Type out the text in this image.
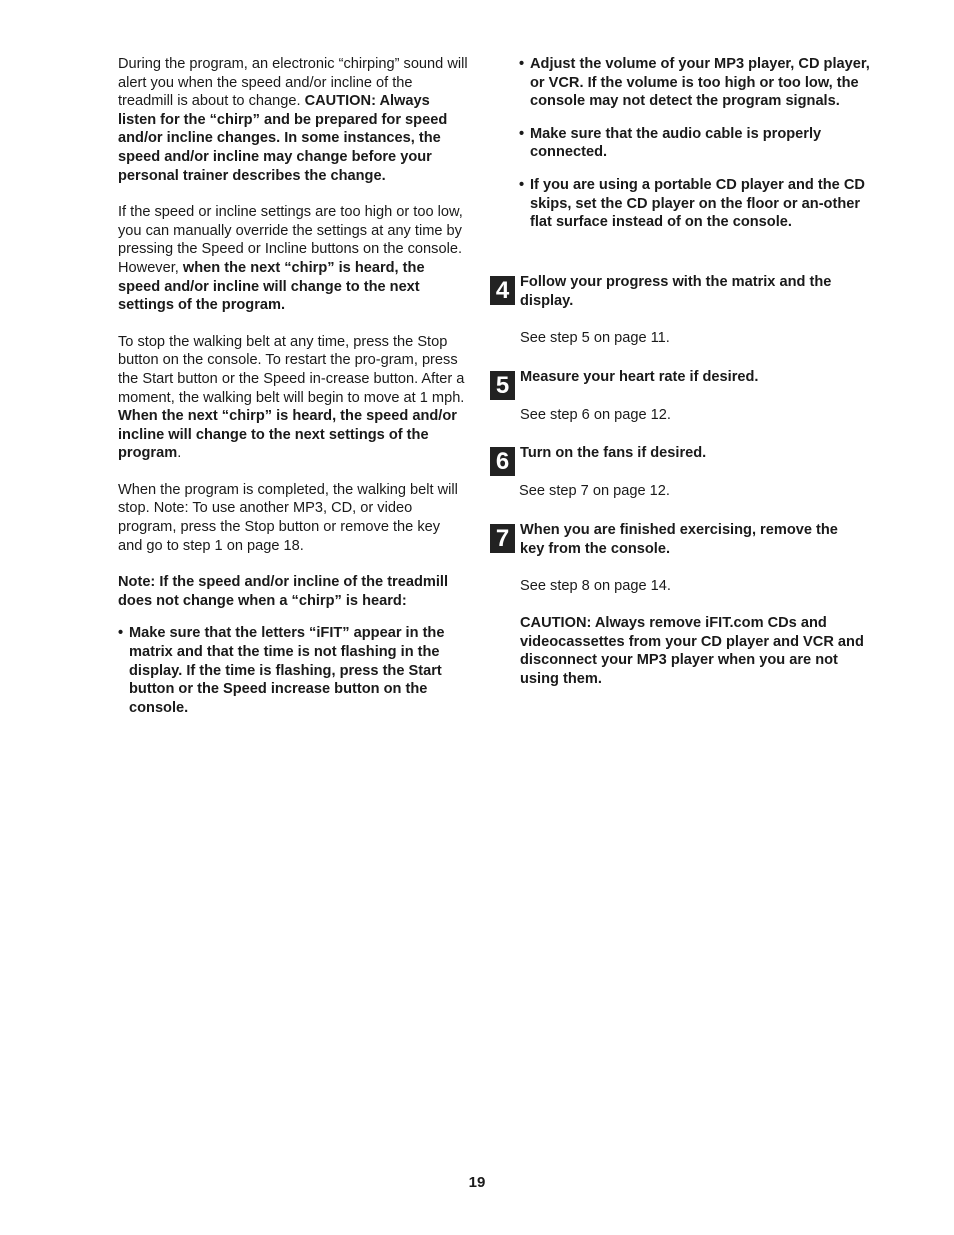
During the program, an electronic “chirping” sound will alert you when the speed and/or incline of the treadmill is about to change. CAUTION: Always listen for the “chirp” and be prepared for speed and/or incline changes. In some instances, the speed and/or incline may change before your personal trainer describes the change.

If the speed or incline settings are too high or too low, you can manually override the settings at any time by pressing the Speed or Incline buttons on the console. However, when the next “chirp” is heard, the speed and/or incline will change to the next settings of the program.

To stop the walking belt at any time, press the Stop button on the console. To restart the pro-gram, press the Start button or the Speed in-crease button. After a moment, the walking belt will begin to move at 1 mph. When the next “chirp” is heard, the speed and/or incline will change to the next settings of the program.

When the program is completed, the walking belt will stop. Note: To use another MP3, CD, or video program, press the Stop button or remove the key and go to step 1 on page 18.

Note: If the speed and/or incline of the treadmill does not change when a “chirp” is heard:

• Make sure that the letters “iFIT” appear in the matrix and that the time is not flashing in the display. If the time is flashing, press the Start button or the Speed increase button on the console.

• Adjust the volume of your MP3 player, CD player, or VCR. If the volume is too high or too low, the console may not detect the program signals.

• Make sure that the audio cable is properly connected.

• If you are using a portable CD player and the CD skips, set the CD player on the floor or an-other flat surface instead of on the console.

4 Follow your progress with the matrix and the display.

See step 5 on page 11.

5 Measure your heart rate if desired.

See step 6 on page 12.

6 Turn on the fans if desired.

See step 7 on page 12.

7 When you are finished exercising, remove the key from the console.

See step 8 on page 14.

CAUTION: Always remove iFIT.com CDs and videocassettes from your CD player and VCR and disconnect your MP3 player when you are not using them.

19
